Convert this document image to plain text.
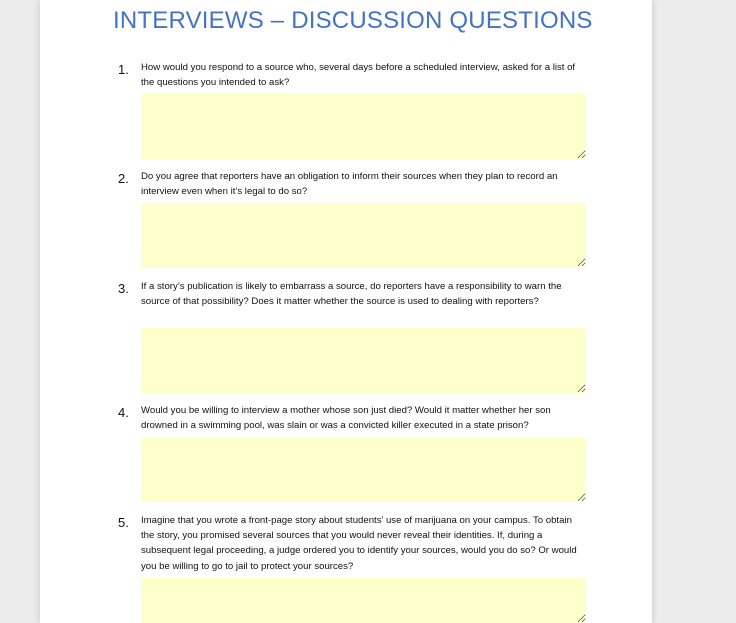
INTERVIEWS – DISCUSSION QUESTIONS
1. How would you respond to a source who, several days before a scheduled interview, asked for a list of the questions you intended to ask?
2. Do you agree that reporters have an obligation to inform their sources when they plan to record an interview even when it’s legal to do so?
3. If a story’s publication is likely to embarrass a source, do reporters have a responsibility to warn the source of that possibility? Does it matter whether the source is used to dealing with reporters?
4. Would you be willing to interview a mother whose son just died? Would it matter whether her son drowned in a swimming pool, was slain or was a convicted killer executed in a state prison?
5. Imagine that you wrote a front-page story about students’ use of marijuana on your campus. To obtain the story, you promised several sources that you would never reveal their identities. If, during a subsequent legal proceeding, a judge ordered you to identify your sources, would you do so? Or would you be willing to go to jail to protect your sources?
